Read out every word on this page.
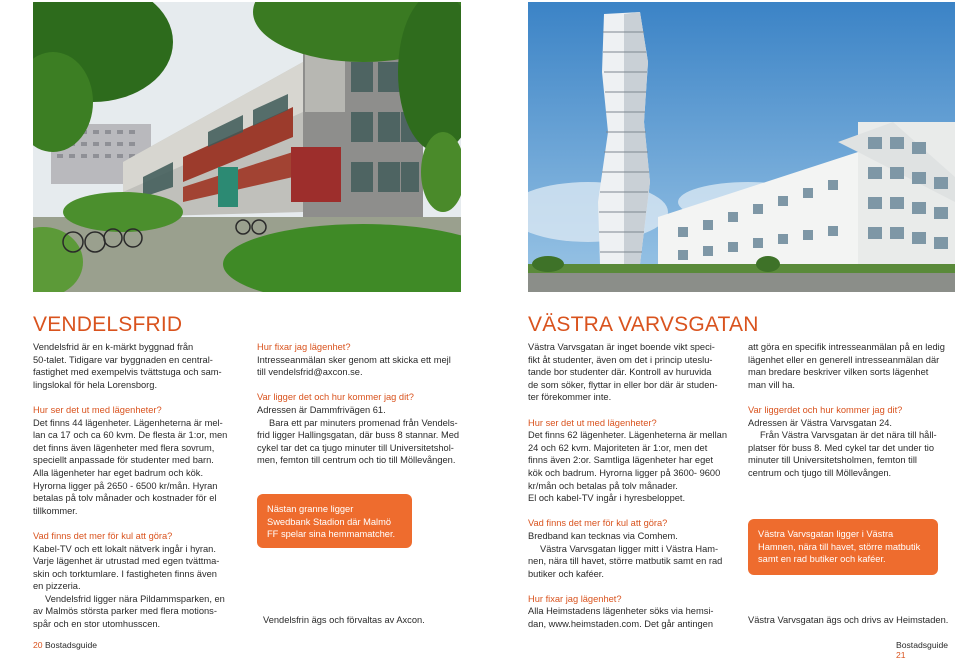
VENDELSFRID

Vendelsfrid är en k-märkt byggnad från

50-talet. Tidigare var byggnaden en central-

fastighet med exempelvis tvättstuga och sam-

lingslokal för hela Lorensborg.

Hur ser det ut med lägenheter?

Det finns 44 lägenheter. Lägenheterna är mel-

lan ca 17 och ca 60 kvm. De flesta är 1:or, men

det finns även lägenheter med flera sovrum,

speciellt anpassade för studenter med barn.

Alla lägenheter har eget badrum och kök.

Hyrorna ligger på 2650 - 6500 kr/mån. Hyran

betalas på tolv månader och kostnader för el

tillkommer.

Vad finns det mer för kul att göra?

Kabel-TV och ett lokalt nätverk ingår i hyran.

Varje lägenhet är utrustad med egen tvättma-

skin och torktumlare. I fastigheten finns även

en pizzeria.

Vendelsfrid ligger nära Pildammsparken, en

av Malmös största parker med flera motions-

spår och en stor utomhusscen.

Hur fixar jag lägenhet?

Intresseanmälan sker genom att skicka ett mejl

till vendelsfrid@axcon.se.

Var ligger det och hur kommer jag dit?

Adressen är Dammfrivägen 61.

Bara ett par minuters promenad från Vendels-

frid ligger Hallingsgatan, där buss 8 stannar. Med

cykel tar det ca tjugo minuter till Universitetshol-

men, femton till centrum och tio till Möllevången.

Nästan granne ligger
Swedbank Stadion där Malmö
FF spelar sina hemmamatcher.
Vendelsfrin ägs och förvaltas av Axcon.
20 Bostadsguide
VÄSTRA VARVSGATAN

Västra Varvsgatan är inget boende vikt speci-

fikt åt studenter, även om det i princip uteslu-

tande bor studenter där. Kontroll av huruvida

de som söker, flyttar in eller bor där är studen-

ter förekommer inte.

Hur ser det ut med lägenheter?

Det finns 62 lägenheter. Lägenheterna är mellan

24 och 62 kvm. Majoriteten är 1:or, men det

finns även 2:or. Samtliga lägenheter har eget

kök och badrum. Hyrorna ligger på 3600- 9600

kr/mån och betalas på tolv månader.

El och kabel-TV ingår i hyresbeloppet.

Vad finns det mer för kul att göra?

Bredband kan tecknas via Comhem.

Västra Varvsgatan ligger mitt i Västra Ham-

nen, nära till havet, större matbutik samt en rad

butiker och kaféer.

Hur fixar jag lägenhet?

Alla Heimstadens lägenheter söks via hemsi-

dan, www.heimstaden.com. Det går antingen

att göra en specifik intresseanmälan på en ledig

lägenhet eller en generell intresseanmälan där

man bredare beskriver vilken sorts lägenhet

man vill ha.

Var liggerdet och hur kommer jag dit?

Adressen är Västra Varvsgatan 24.

Från Västra Varvsgatan är det nära till håll-

platser för buss 8. Med cykel tar det under tio

minuter till Universitetsholmen, femton till

centrum och tjugo till Möllevången.

Västra Varvsgatan ligger i Västra
Hamnen, nära till havet, större matbutik
samt en rad butiker och kaféer.
Västra Varvsgatan ägs och drivs av Heimstaden.
Bostadsguide 21
